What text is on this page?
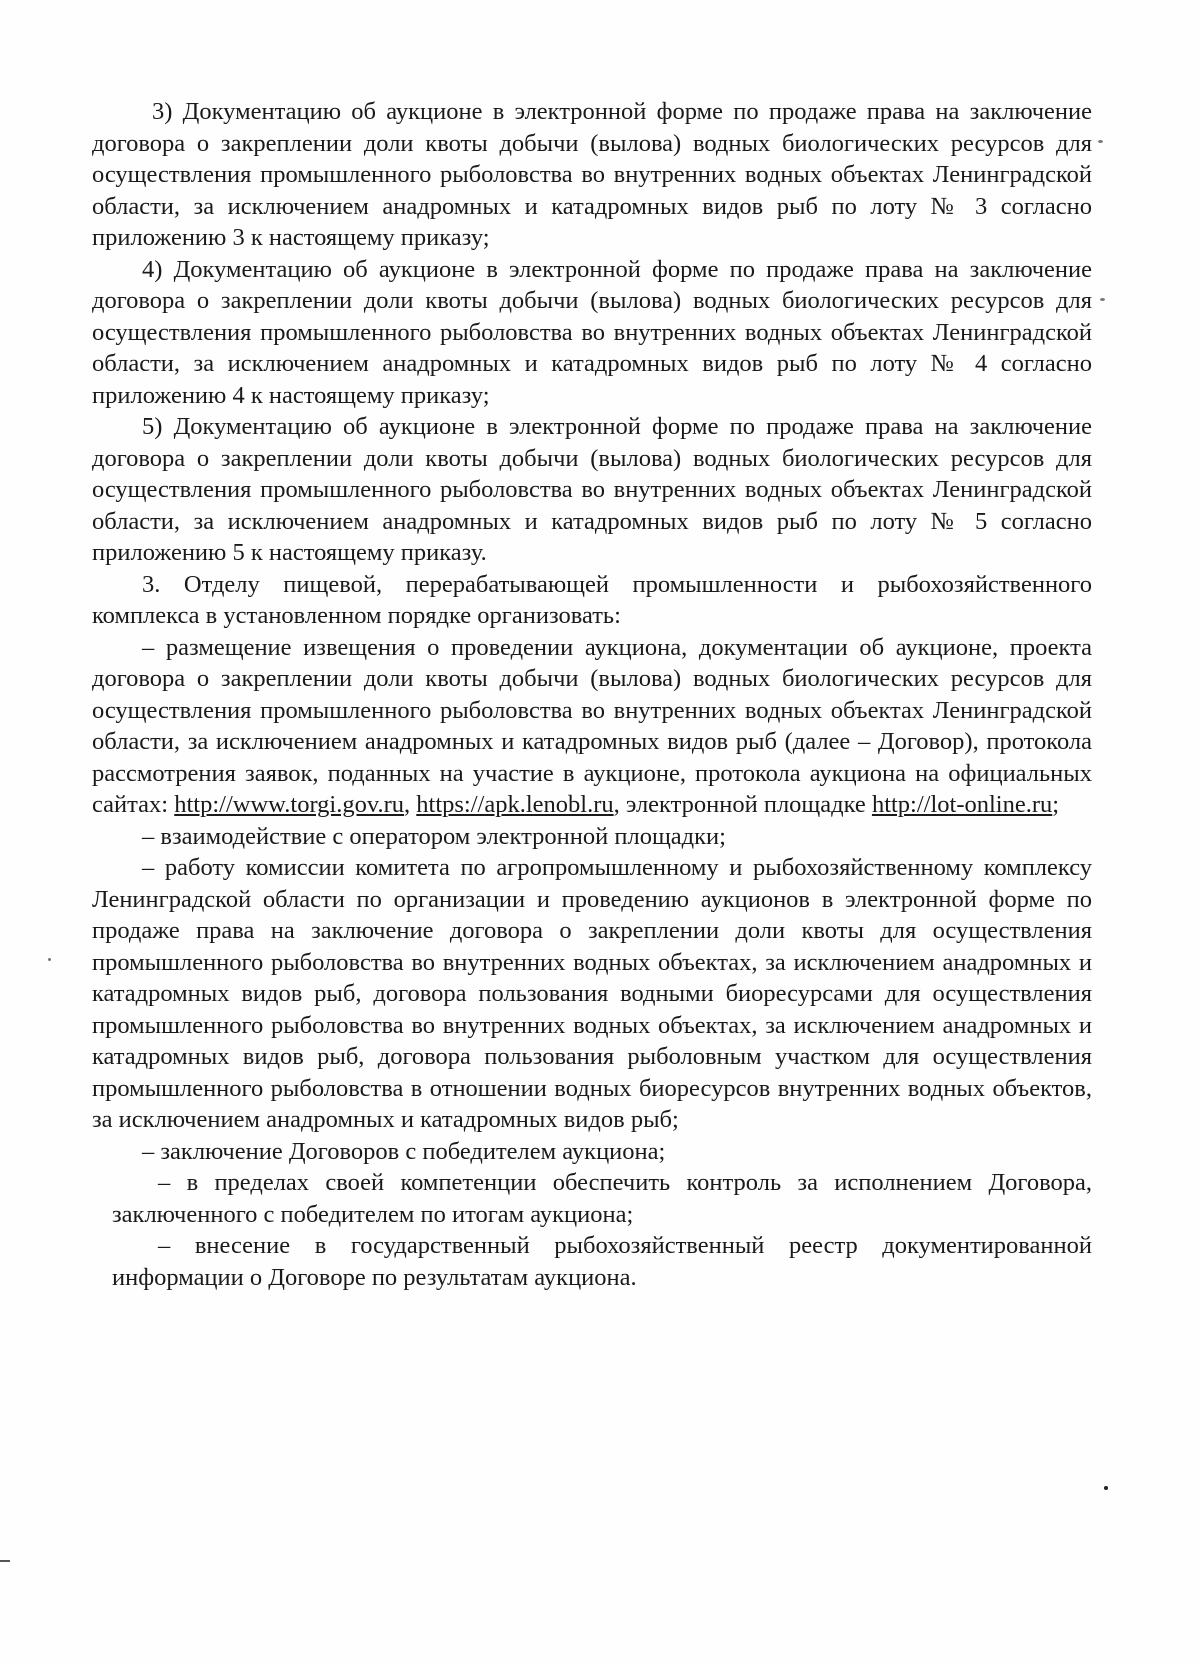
3) Документацию об аукционе в электронной форме по продаже права на заключение договора о закреплении доли квоты добычи (вылова) водных биологических ресурсов для осуществления промышленного рыболовства во внутренних водных объектах Ленинградской области, за исключением анадромных и катадромных видов рыб по лоту № 3 согласно приложению 3 к настоящему приказу;

4) Документацию об аукционе в электронной форме по продаже права на заключение договора о закреплении доли квоты добычи (вылова) водных биологических ресурсов для осуществления промышленного рыболовства во внутренних водных объектах Ленинградской области, за исключением анадромных и катадромных видов рыб по лоту № 4 согласно приложению 4 к настоящему приказу;

5) Документацию об аукционе в электронной форме по продаже права на заключение договора о закреплении доли квоты добычи (вылова) водных биологических ресурсов для осуществления промышленного рыболовства во внутренних водных объектах Ленинградской области, за исключением анадромных и катадромных видов рыб по лоту № 5 согласно приложению 5 к настоящему приказу.

3. Отделу пищевой, перерабатывающей промышленности и рыбохозяйственного комплекса в установленном порядке организовать:

– размещение извещения о проведении аукциона, документации об аукционе, проекта договора о закреплении доли квоты добычи (вылова) водных биологических ресурсов для осуществления промышленного рыболовства во внутренних водных объектах Ленинградской области, за исключением анадромных и катадромных видов рыб (далее – Договор), протокола рассмотрения заявок, поданных на участие в аукционе, протокола аукциона на официальных сайтах: http://www.torgi.gov.ru, https://apk.lenobl.ru, электронной площадке http://lot-online.ru;

– взаимодействие с оператором электронной площадки;

– работу комиссии комитета по агропромышленному и рыбохозяйственному комплексу Ленинградской области по организации и проведению аукционов в электронной форме по продаже права на заключение договора о закреплении доли квоты для осуществления промышленного рыболовства во внутренних водных объектах, за исключением анадромных и катадромных видов рыб, договора пользования водными биоресурсами для осуществления промышленного рыболовства во внутренних водных объектах, за исключением анадромных и катадромных видов рыб, договора пользования рыболовным участком для осуществления промышленного рыболовства в отношении водных биоресурсов внутренних водных объектов, за исключением анадромных и катадромных видов рыб;

– заключение Договоров с победителем аукциона;

– в пределах своей компетенции обеспечить контроль за исполнением Договора, заключенного с победителем по итогам аукциона;

– внесение в государственный рыбохозяйственный реестр документированной информации о Договоре по результатам аукциона.
